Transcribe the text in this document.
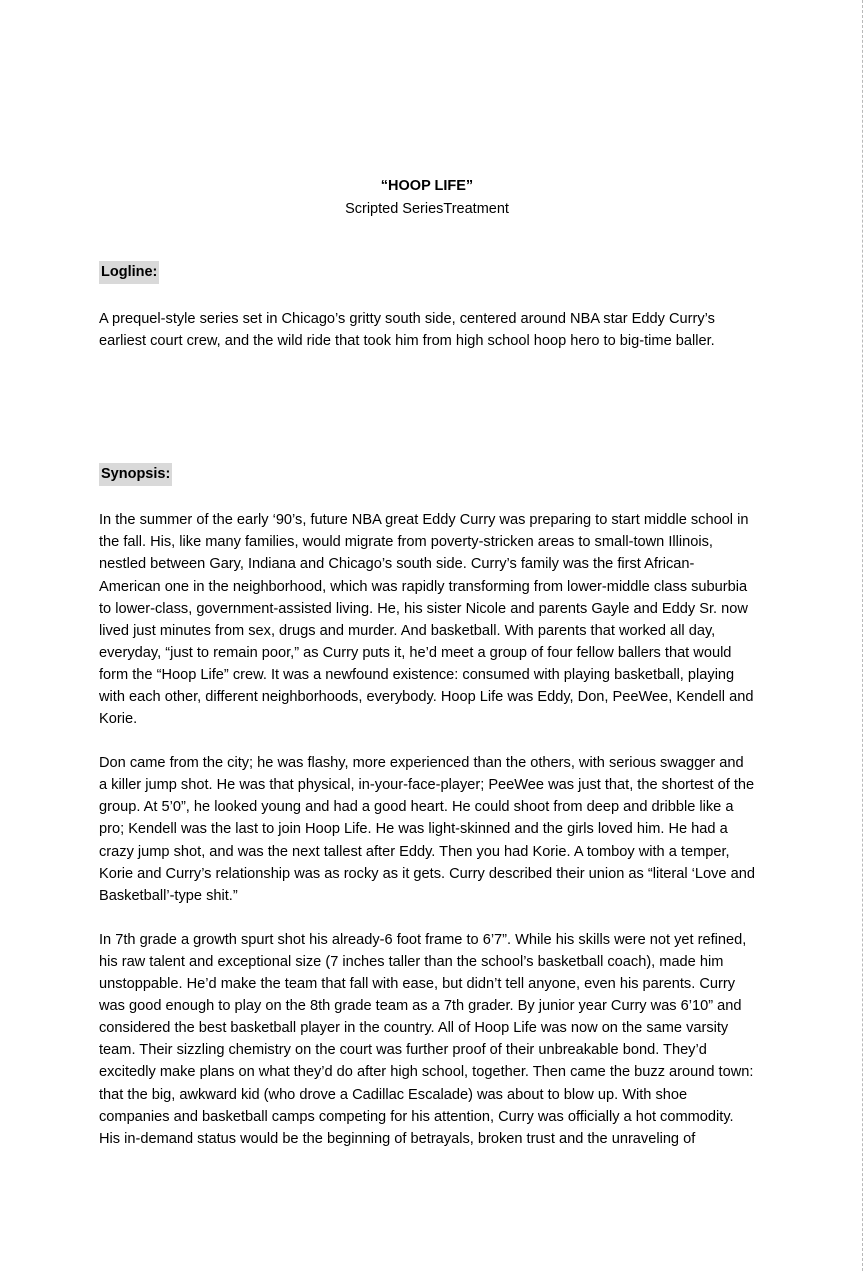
“HOOP LIFE”

Scripted SeriesTreatment

Logline:

A prequel-style series set in Chicago’s gritty south side, centered around NBA star Eddy Curry’s earliest court crew, and the wild ride that took him from high school hoop hero to big-time baller.

Synopsis:

In the summer of the early ‘90’s, future NBA great Eddy Curry was preparing to start middle school in the fall. His, like many families, would migrate from poverty-stricken areas to small-town Illinois, nestled between Gary, Indiana and Chicago’s south side. Curry’s family was the first African-American one in the neighborhood, which was rapidly transforming from lower-middle class suburbia to lower-class, government-assisted living. He, his sister Nicole and parents Gayle and Eddy Sr. now lived just minutes from sex, drugs and murder. And basketball. With parents that worked all day, everyday, “just to remain poor,” as Curry puts it, he’d meet a group of four fellow ballers that would form the “Hoop Life” crew. It was a newfound existence: consumed with playing basketball, playing with each other, different neighborhoods, everybody. Hoop Life was Eddy, Don, PeeWee, Kendell and Korie.

Don came from the city; he was flashy, more experienced than the others, with serious swagger and a killer jump shot. He was that physical, in-your-face-player; PeeWee was just that, the shortest of the group. At 5’0”, he looked young and had a good heart. He could shoot from deep and dribble like a pro; Kendell was the last to join Hoop Life. He was light-skinned and the girls loved him. He had a crazy jump shot, and was the next tallest after Eddy. Then you had Korie. A tomboy with a temper, Korie and Curry’s relationship was as rocky as it gets. Curry described their union as “literal ‘Love and Basketball’-type shit.”

In 7th grade a growth spurt shot his already-6 foot frame to 6’7”. While his skills were not yet refined, his raw talent and exceptional size (7 inches taller than the school’s basketball coach), made him unstoppable. He’d make the team that fall with ease, but didn’t tell anyone, even his parents. Curry was good enough to play on the 8th grade team as a 7th grader. By junior year Curry was 6’10” and considered the best basketball player in the country. All of Hoop Life was now on the same varsity team. Their sizzling chemistry on the court was further proof of their unbreakable bond. They’d excitedly make plans on what they’d do after high school, together. Then came the buzz around town: that the big, awkward kid (who drove a Cadillac Escalade) was about to blow up. With shoe companies and basketball camps competing for his attention, Curry was officially a hot commodity. His in-demand status would be the beginning of betrayals, broken trust and the unraveling of
